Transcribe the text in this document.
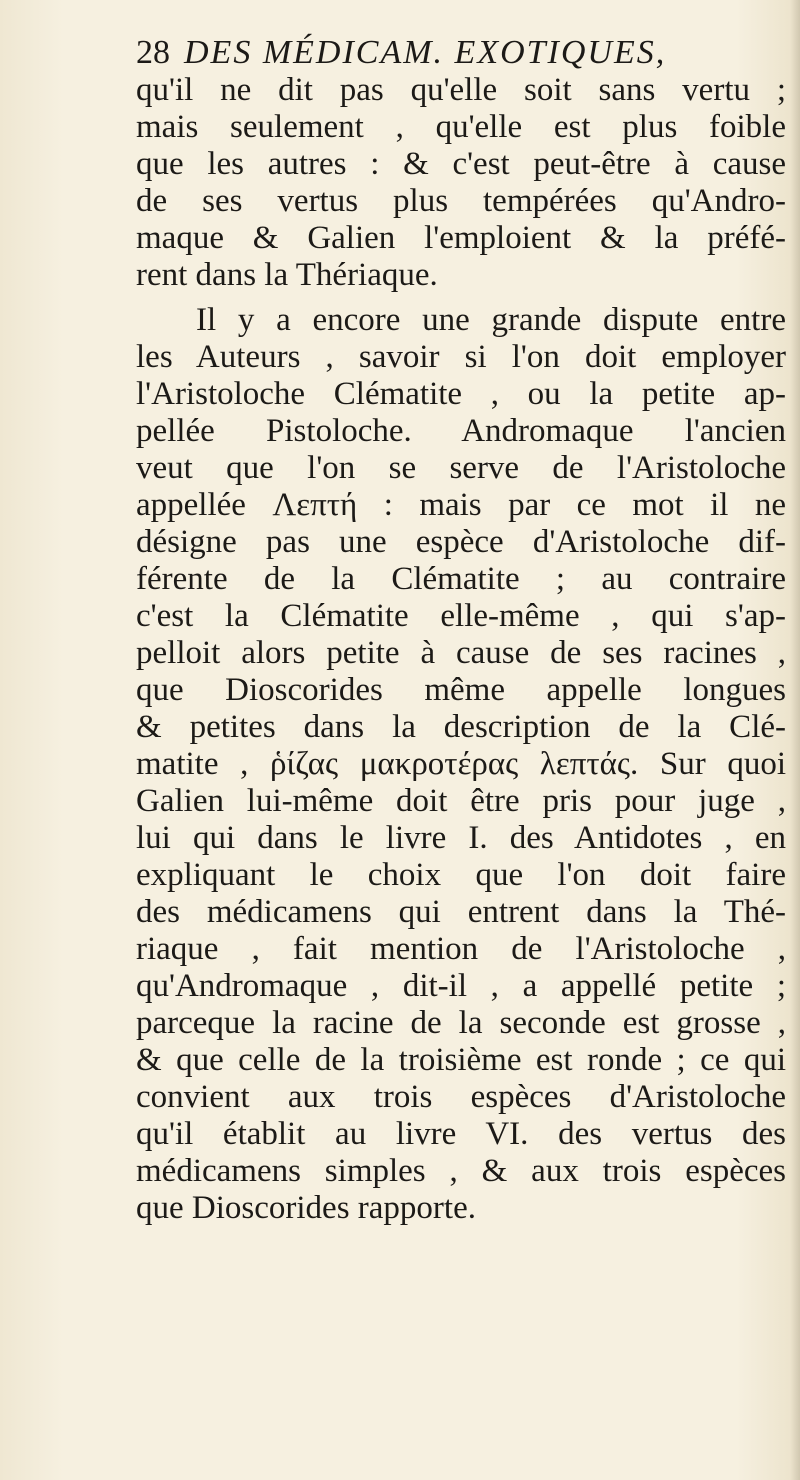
28 DES MÉDICAM. EXOTIQUES,
qu'il ne dit pas qu'elle soit sans vertu ;
mais seulement , qu'elle est plus foible
que les autres : & c'est peut-être à cause
de ses vertus plus tempérées qu'Andro-
maque & Galien l'emploient & la préfé-
rent dans la Thériaque.
Il y a encore une grande dispute entre
les Auteurs , savoir si l'on doit employer
l'Aristoloche Clématite , ou la petite ap-
pellée Pistoloche. Andromaque l'ancien
veut que l'on se serve de l'Aristoloche
appellée Λεπτή : mais par ce mot il ne
désigne pas une espèce d'Aristoloche dif-
férente de la Clématite ; au contraire
c'est la Clématite elle-même , qui s'ap-
pelloit alors petite à cause de ses racines ,
que Dioscorides même appelle longues
& petites dans la description de la Clé-
matite , ῥίζας μακροτέρας λεπτάς. Sur quoi
Galien lui-même doit être pris pour juge ,
lui qui dans le livre I. des Antidotes , en
expliquant le choix que l'on doit faire
des médicamens qui entrent dans la Thé-
riaque , fait mention de l'Aristoloche ,
qu'Andromaque , dit-il , a appellé petite ;
parceque la racine de la seconde est grosse ,
& que celle de la troisième est ronde ; ce qui
convient aux trois espèces d'Aristoloche
qu'il établit au livre VI. des vertus des
médicamens simples , & aux trois espèces
que Dioscorides rapporte.
